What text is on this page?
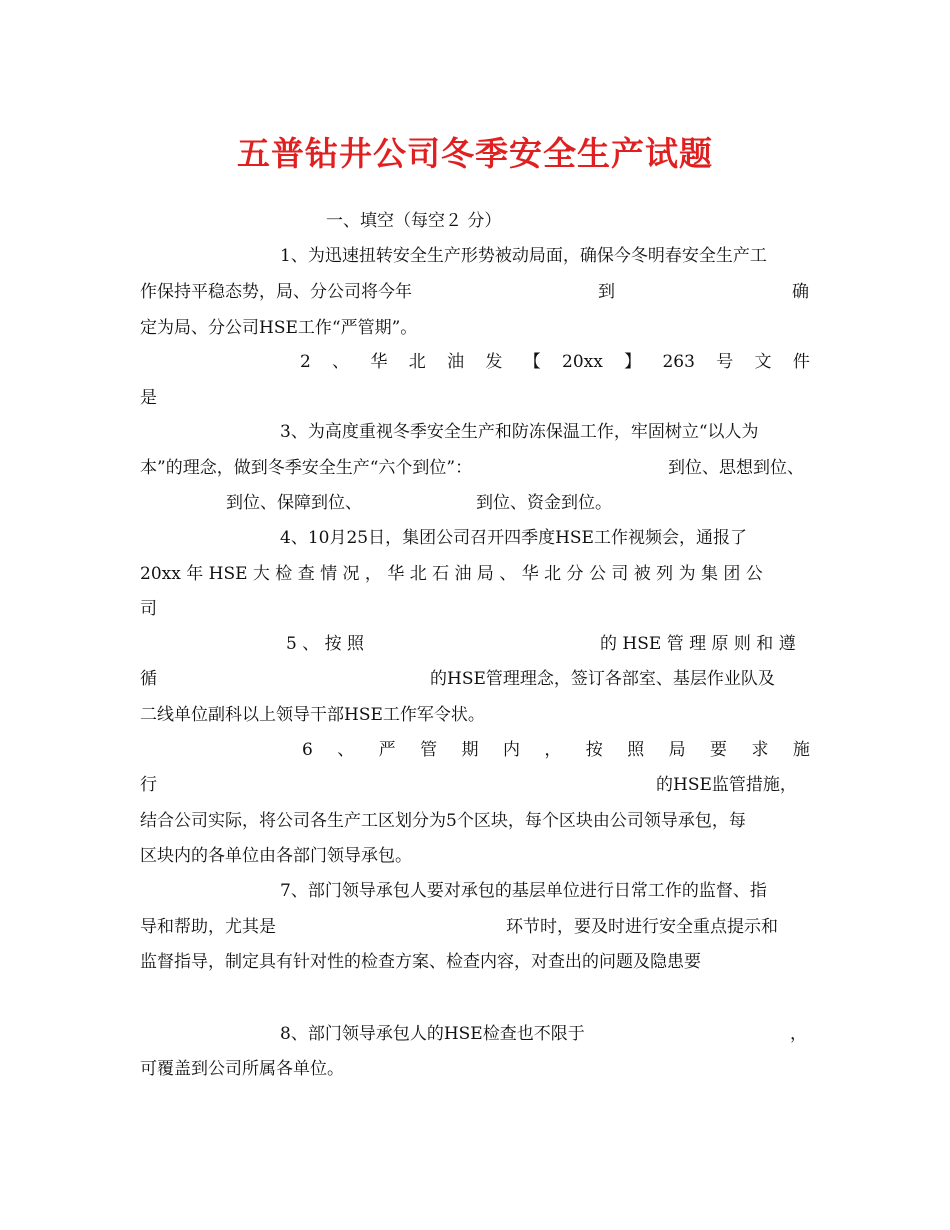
五普钻井公司冬季安全生产试题
一、填空（每空２ 分）
1、为迅速扭转安全生产形势被动局面，确保今冬明春安全生产工
作保持平稳态势，局、分公司将今年	到	确
定为局、分公司HSE工作“严管期”。
2 、 华 北 油 发 【 20xx 】 263 号 文 件
是
3、为高度重视冬季安全生产和防冻保温工作，牢固树立“以人为
本”的理念，做到冬季安全生产“六个到位”：	到位、思想到位、
到位、保障到位、	到位、资金到位。
4、10月25日，集团公司召开四季度HSE工作视频会，通报了
20xx 年 HSE 大 检 查 情 况 ， 华 北 石 油 局 、 华 北 分 公 司 被 列 为 集 团 公
司
5 、 按 照	的 HSE 管 理 原 则 和 遵
循	的HSE管理理念，签订各部室、基层作业队及
二线单位副科以上领导干部HSE工作军令状。
6 、 严 管 期 内 ， 按 照 局 要 求 施
行	的HSE监管措施，
结合公司实际，将公司各生产工区划分为5个区块，每个区块由公司领导承包，每
区块内的各单位由各部门领导承包。
7、部门领导承包人要对承包的基层单位进行日常工作的监督、指
导和帮助，尤其是	环节时，要及时进行安全重点提示和
监督指导，制定具有针对性的检查方案、检查内容，对查出的问题及隐患要
8、部门领导承包人的HSE检查也不限于	，
可覆盖到公司所属各单位。
